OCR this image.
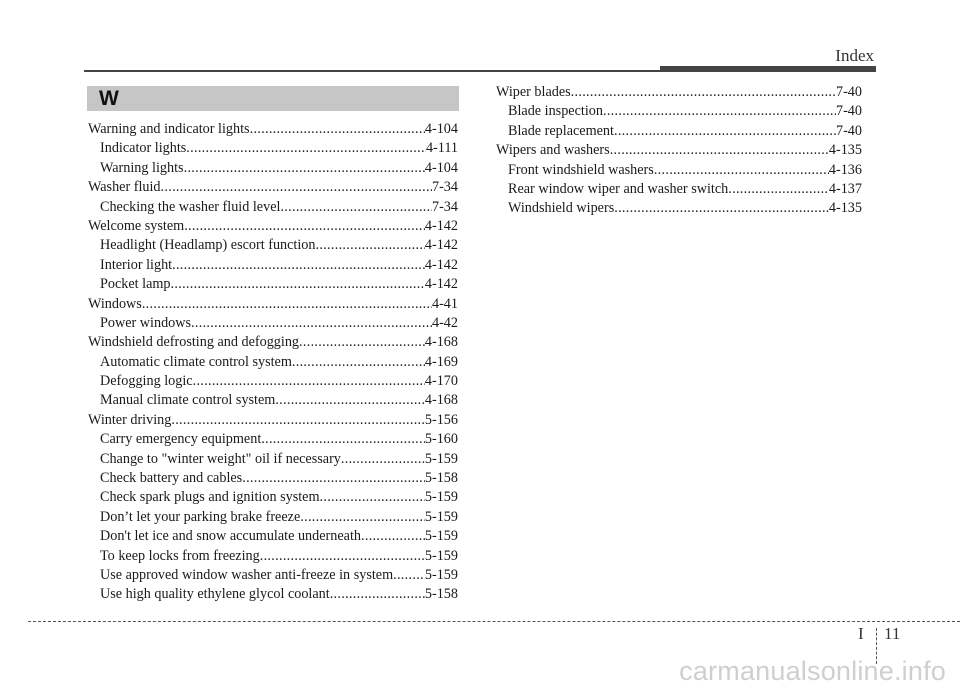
Index
W
Warning and indicator lights .....	4-104
Indicator lights .....	4-111
Warning lights .....	4-104
Washer fluid .....	7-34
Checking the washer fluid level .....	7-34
Welcome system .....	4-142
Headlight (Headlamp) escort function .....	4-142
Interior light .....	4-142
Pocket lamp .....	4-142
Windows .....	4-41
Power windows .....	4-42
Windshield defrosting and defogging .....	4-168
Automatic climate control system .....	4-169
Defogging logic .....	4-170
Manual climate control system .....	4-168
Winter driving .....	5-156
Carry emergency equipment .....	5-160
Change to "winter weight" oil if necessary .....	5-159
Check battery and cables .....	5-158
Check spark plugs and ignition system .....	5-159
Don’t let your parking brake freeze .....	5-159
Don't let ice and snow accumulate underneath .....	5-159
To keep locks from freezing .....	5-159
Use approved window washer anti-freeze in system ..... 5-159
Use high quality ethylene glycol coolant .....	5-158
Wiper blades .....	7-40
Blade inspection .....	7-40
Blade replacement .....	7-40
Wipers and washers .....	4-135
Front windshield washers .....	4-136
Rear window wiper and washer switch .....	4-137
Windshield wipers .....	4-135
I 11
carmanualsonline.info
